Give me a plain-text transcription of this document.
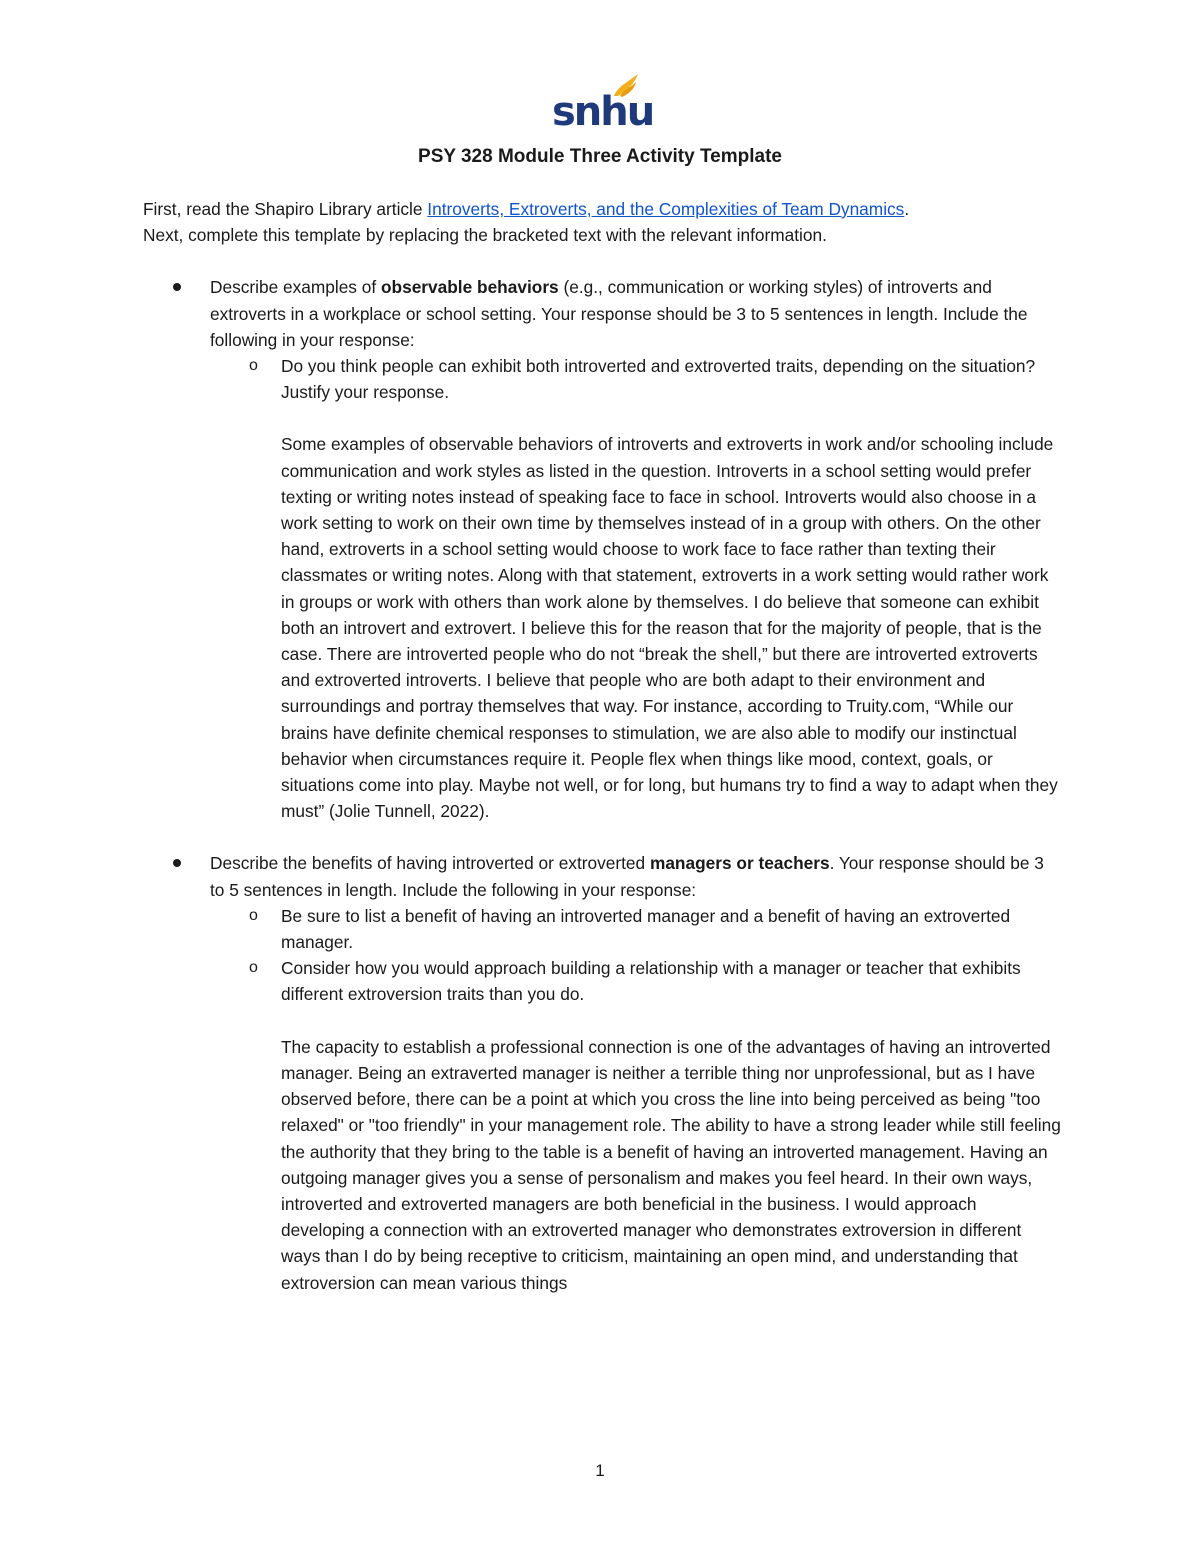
snhu
PSY 328 Module Three Activity Template

First, read the Shapiro Library article Introverts, Extroverts, and the Complexities of Team Dynamics.

Next, complete this template by replacing the bracketed text with the relevant information.

Describe examples of observable behaviors (e.g., communication or working styles) of introverts and extroverts in a workplace or school setting. Your response should be 3 to 5 sentences in length. Include the following in your response:
o Do you think people can exhibit both introverted and extroverted traits, depending on the situation? Justify your response.

Some examples of observable behaviors of introverts and extroverts in work and/or schooling include communication and work styles as listed in the question. Introverts in a school setting would prefer texting or writing notes instead of speaking face to face in school. Introverts would also choose in a work setting to work on their own time by themselves instead of in a group with others. On the other hand, extroverts in a school setting would choose to work face to face rather than texting their classmates or writing notes. Along with that statement, extroverts in a work setting would rather work in groups or work with others than work alone by themselves. I do believe that someone can exhibit both an introvert and extrovert. I believe this for the reason that for the majority of people, that is the case. There are introverted people who do not “break the shell,” but there are introverted extroverts and extroverted introverts. I believe that people who are both adapt to their environment and surroundings and portray themselves that way. For instance, according to Truity.com, “While our brains have definite chemical responses to stimulation, we are also able to modify our instinctual behavior when circumstances require it. People flex when things like mood, context, goals, or situations come into play. Maybe not well, or for long, but humans try to find a way to adapt when they must” (Jolie Tunnell, 2022).

Describe the benefits of having introverted or extroverted managers or teachers. Your response should be 3 to 5 sentences in length. Include the following in your response:
o Be sure to list a benefit of having an introverted manager and a benefit of having an extroverted manager.
o Consider how you would approach building a relationship with a manager or teacher that exhibits different extroversion traits than you do.

The capacity to establish a professional connection is one of the advantages of having an introverted manager. Being an extraverted manager is neither a terrible thing nor unprofessional, but as I have observed before, there can be a point at which you cross the line into being perceived as being "too relaxed" or "too friendly" in your management role. The ability to have a strong leader while still feeling the authority that they bring to the table is a benefit of having an introverted management. Having an outgoing manager gives you a sense of personalism and makes you feel heard. In their own ways, introverted and extroverted managers are both beneficial in the business. I would approach developing a connection with an extroverted manager who demonstrates extroversion in different ways than I do by being receptive to criticism, maintaining an open mind, and understanding that extroversion can mean various things

1
